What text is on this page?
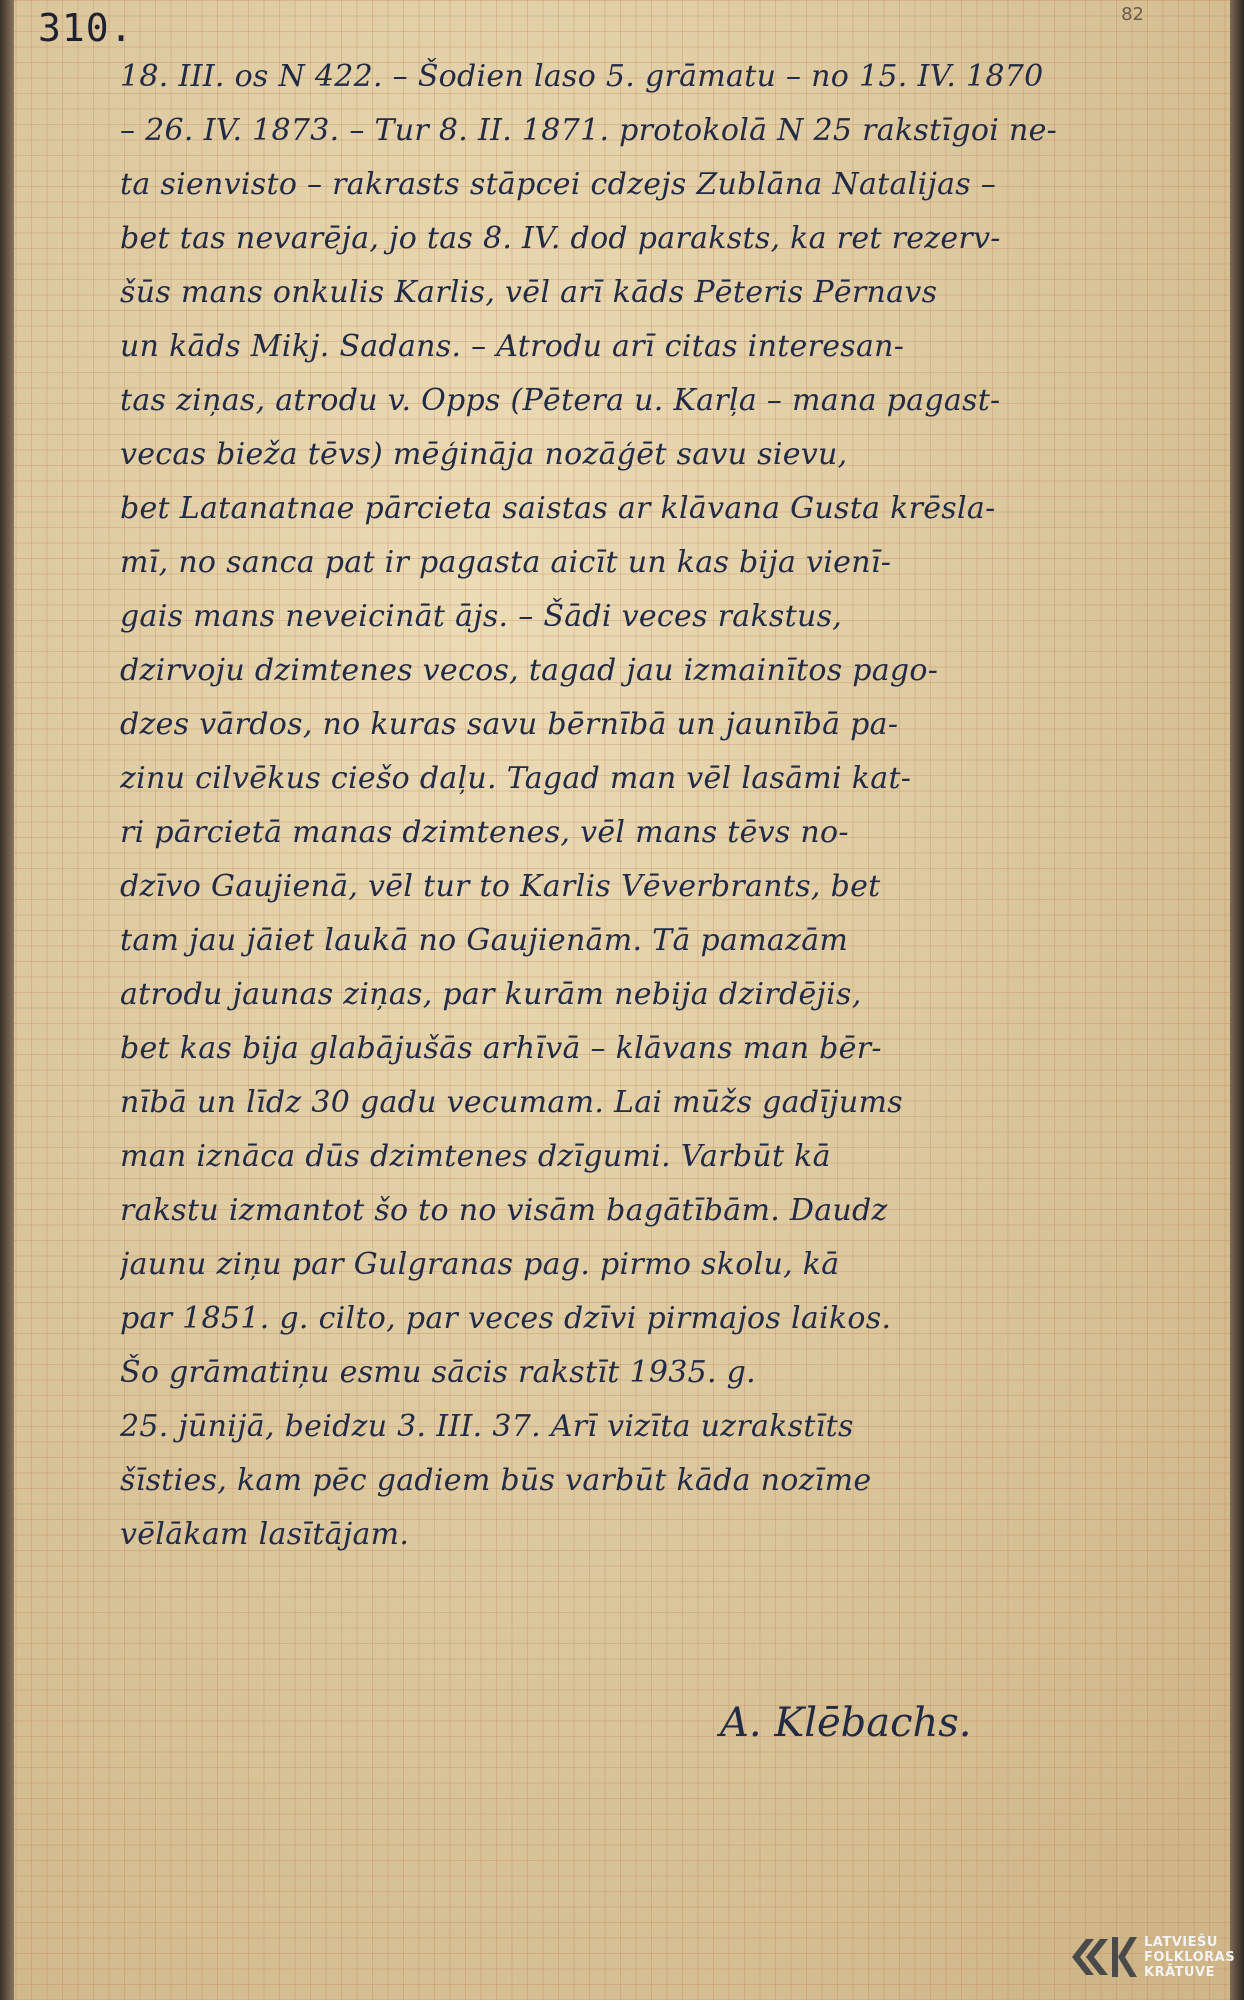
310.	82
18. III. os N 422. – Šodien laso 5. grāmatu – no 15. IV. 1870
– 26. IV. 1873. – Tur 8. II. 1871. protokolā N 25 rakstīgoi ne-
ta sienvisto – rakrasts stāpcei cdzejs Zublāna Natalijas –
bet tas nevarēja, jo tas 8. IV. dod paraksts, ka ret rezerv-
šūs mans onkulis Karlis, vēl arī kāds Pēteris Pērnavs
un kāds Mikj. Sadans. – Atrodu arī citas interesan-
tas ziņas, atrodu v. Opps (Pētera u. Karļa – mana pagast-
vecas bieža tēvs) mēģināja nozāģēt savu sievu,
bet Latanatnae pārcieta saistas ar klāvana Gusta krēsla-
mī, no sanca pat ir pagasta aicīt un kas bija vienī-
gais mans neveicināt ājs. – Šādi veces rakstus,
dzirvoju dzimtenes vecos, tagad jau izmainītos pago-
dzes vārdos, no kuras savu bērnībā un jaunībā pa-
zinu cilvēkus ciešo daļu. Tagad man vēl lasāmi kat-
ri pārcietā manas dzimtenes, vēl mans tēvs no-
dzīvo Gaujienā, vēl tur to Karlis Vēverbrants, bet
tam jau jāiet laukā no Gaujienām. Tā pamazām
atrodu jaunas ziņas, par kurām nebija dzirdējis,
bet kas bija glabājušās arhīvā – klāvans man bēr-
nībā un līdz 30 gadu vecumam. Lai mūžs gadījums
man iznāca dūs dzimtenes dzīgumi. Varbūt kā
rakstu izmantot šo to no visām bagātībām. Daudz
jaunu ziņu par Gulgranas pag. pirmo skolu, kā
par 1851. g. cilto, par veces dzīvi pirmajos laikos.
Šo grāmatiņu esmu sācis rakstīt 1935. g.
25. jūnijā, beidzu 3. III. 37. Arī vizīta uzrakstīts
šīsties, kam pēc gadiem būs varbūt kāda nozīme
vēlākam lasītājam.
A. Klēbachs.
LATVIEŠU
FOLKLORAS
KRĀTUVE
